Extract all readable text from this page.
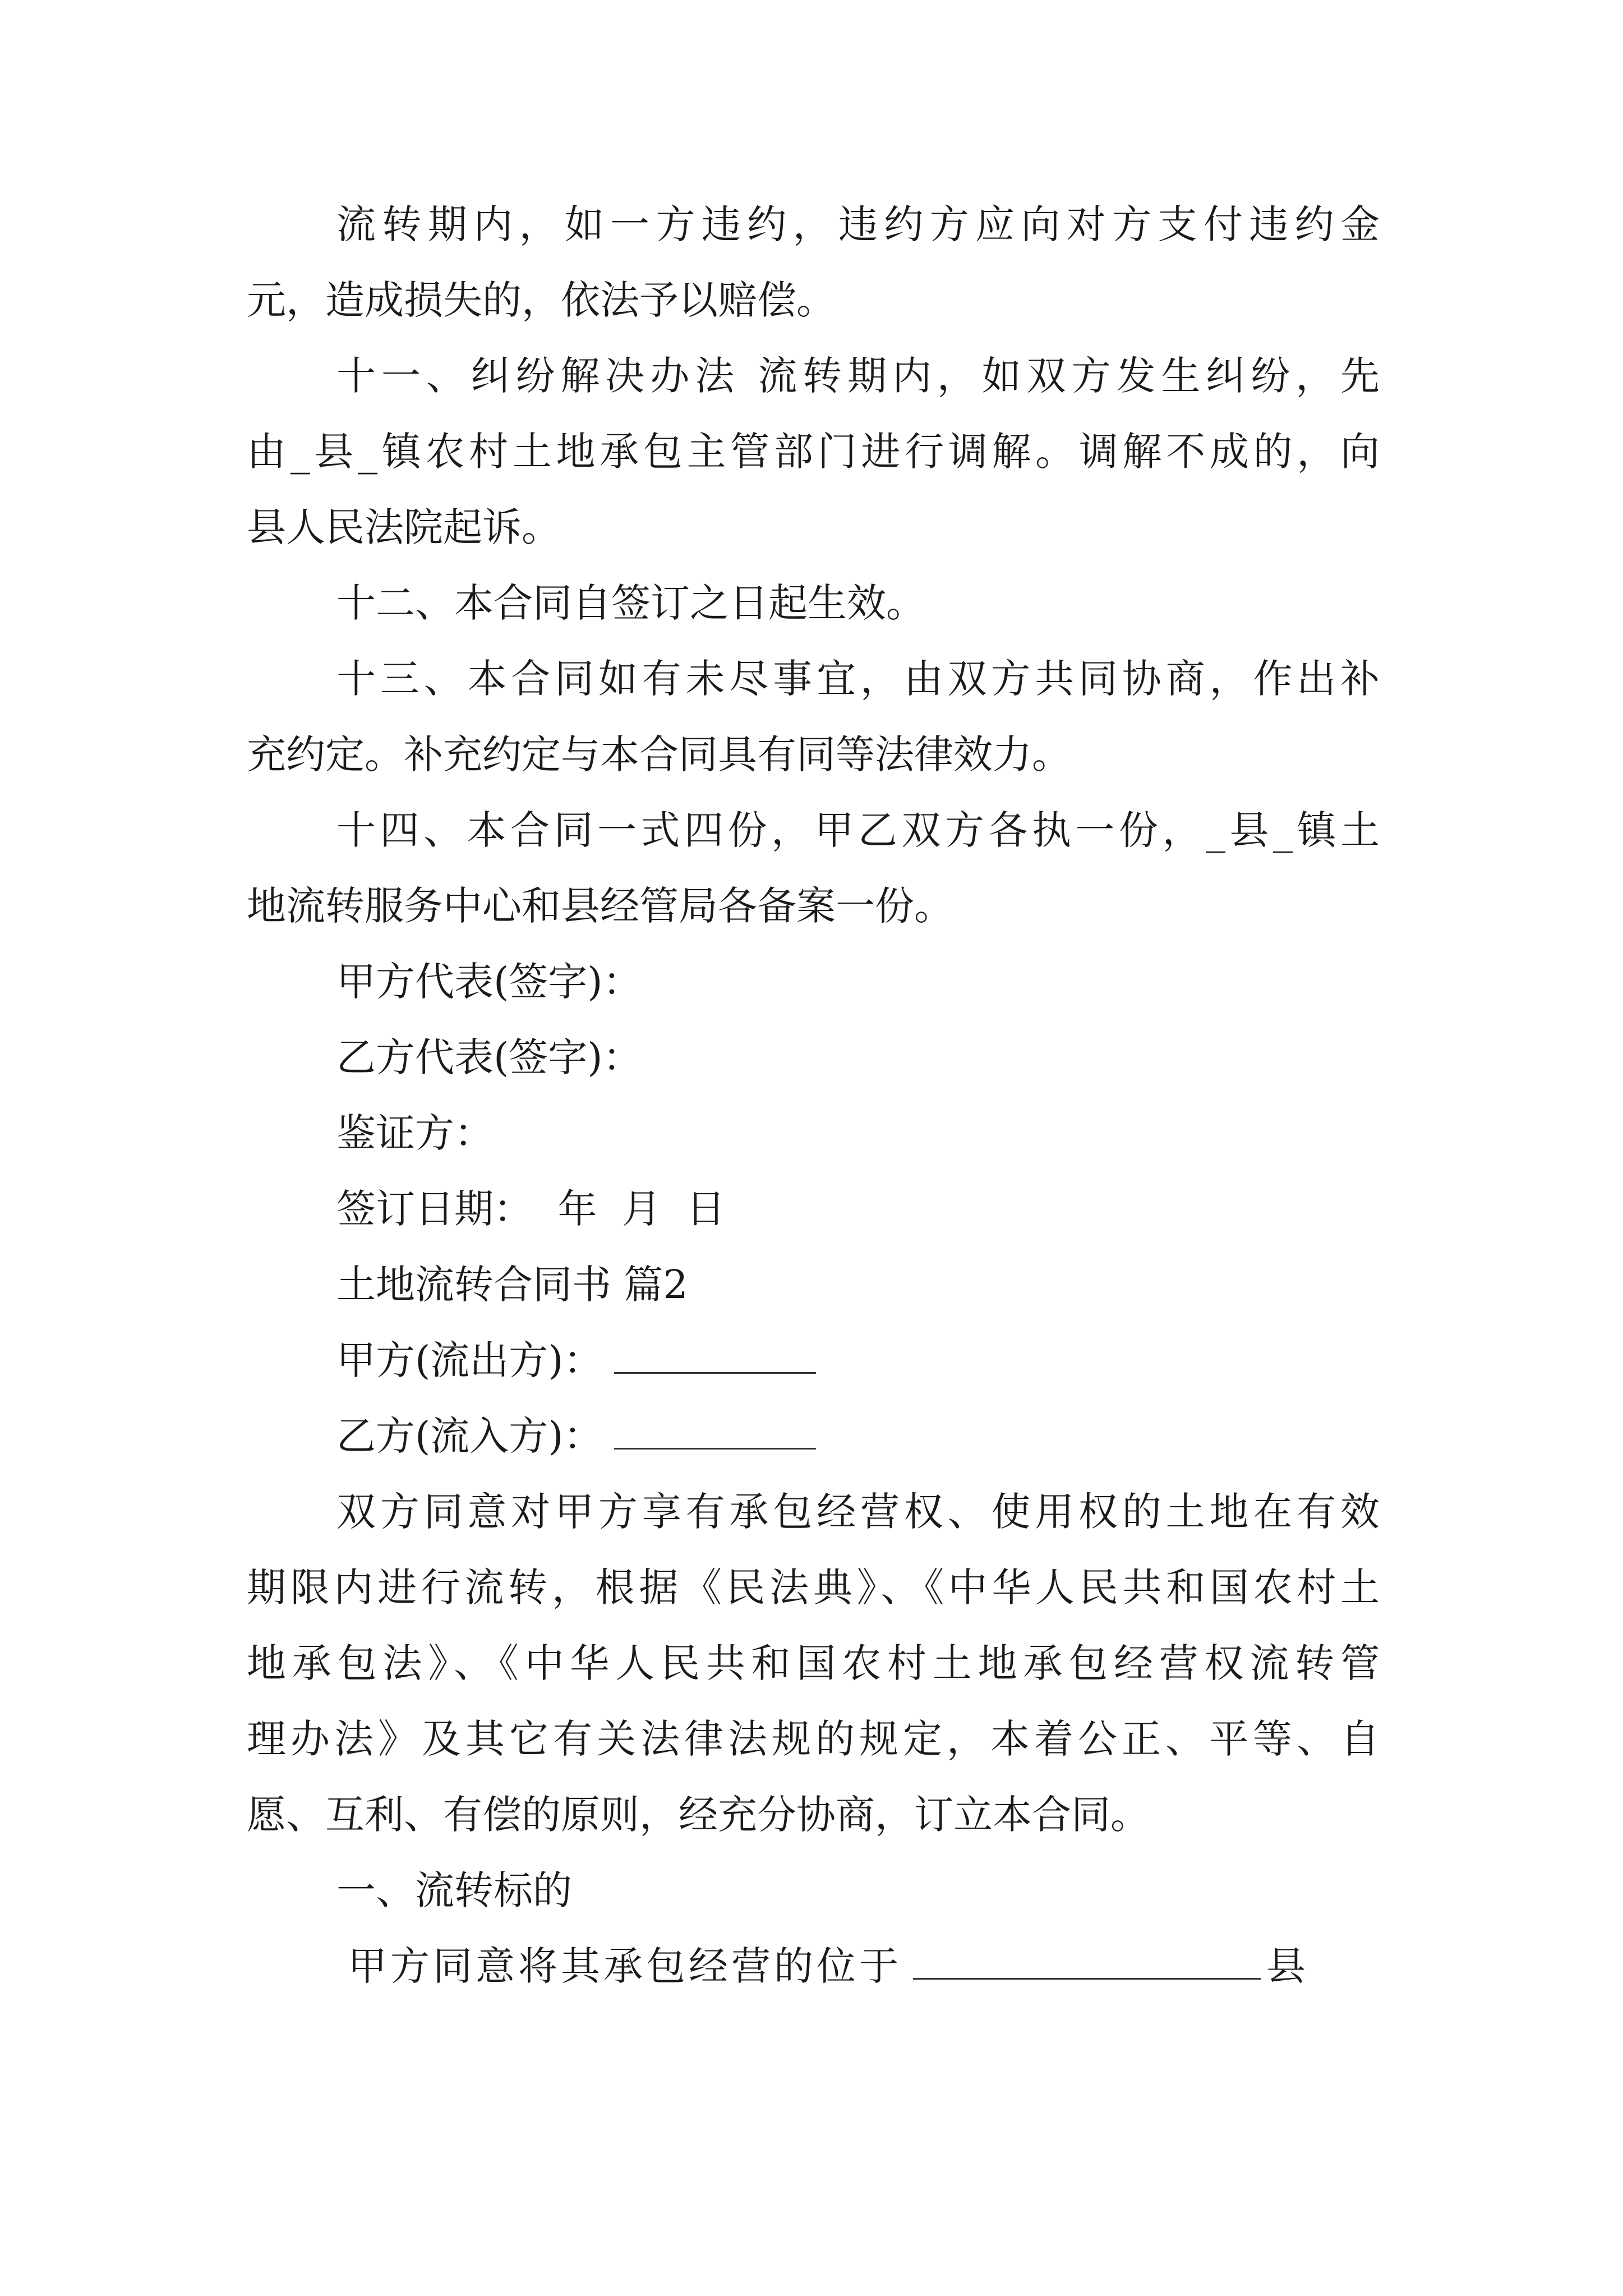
流转期内，如一方违约，违约方应向对方支付违约金
元，造成损失的，依法予以赔偿。
十一、纠纷解决办法 流转期内，如双方发生纠纷，先
由_县_镇农村土地承包主管部门进行调解。调解不成的，向
县人民法院起诉。
十二、本合同自签订之日起生效。
十三、本合同如有未尽事宜，由双方共同协商，作出补
充约定。补充约定与本合同具有同等法律效力。
十四、本合同一式四份，甲乙双方各执一份，_县_镇土
地流转服务中心和县经管局各备案一份。
甲方代表(签字)：
乙方代表(签字)：
鉴证方：
签订日期：  年  月  日
土地流转合同书 篇2
甲方(流出方)：
乙方(流入方)：
双方同意对甲方享有承包经营权、使用权的土地在有效
期限内进行流转，根据《民法典》、《中华人民共和国农村土
地承包法》、《中华人民共和国农村土地承包经营权流转管
理办法》及其它有关法律法规的规定，本着公正、平等、自
愿、互利、有偿的原则，经充分协商，订立本合同。
一、流转标的
甲方同意将其承包经营的位于	县
